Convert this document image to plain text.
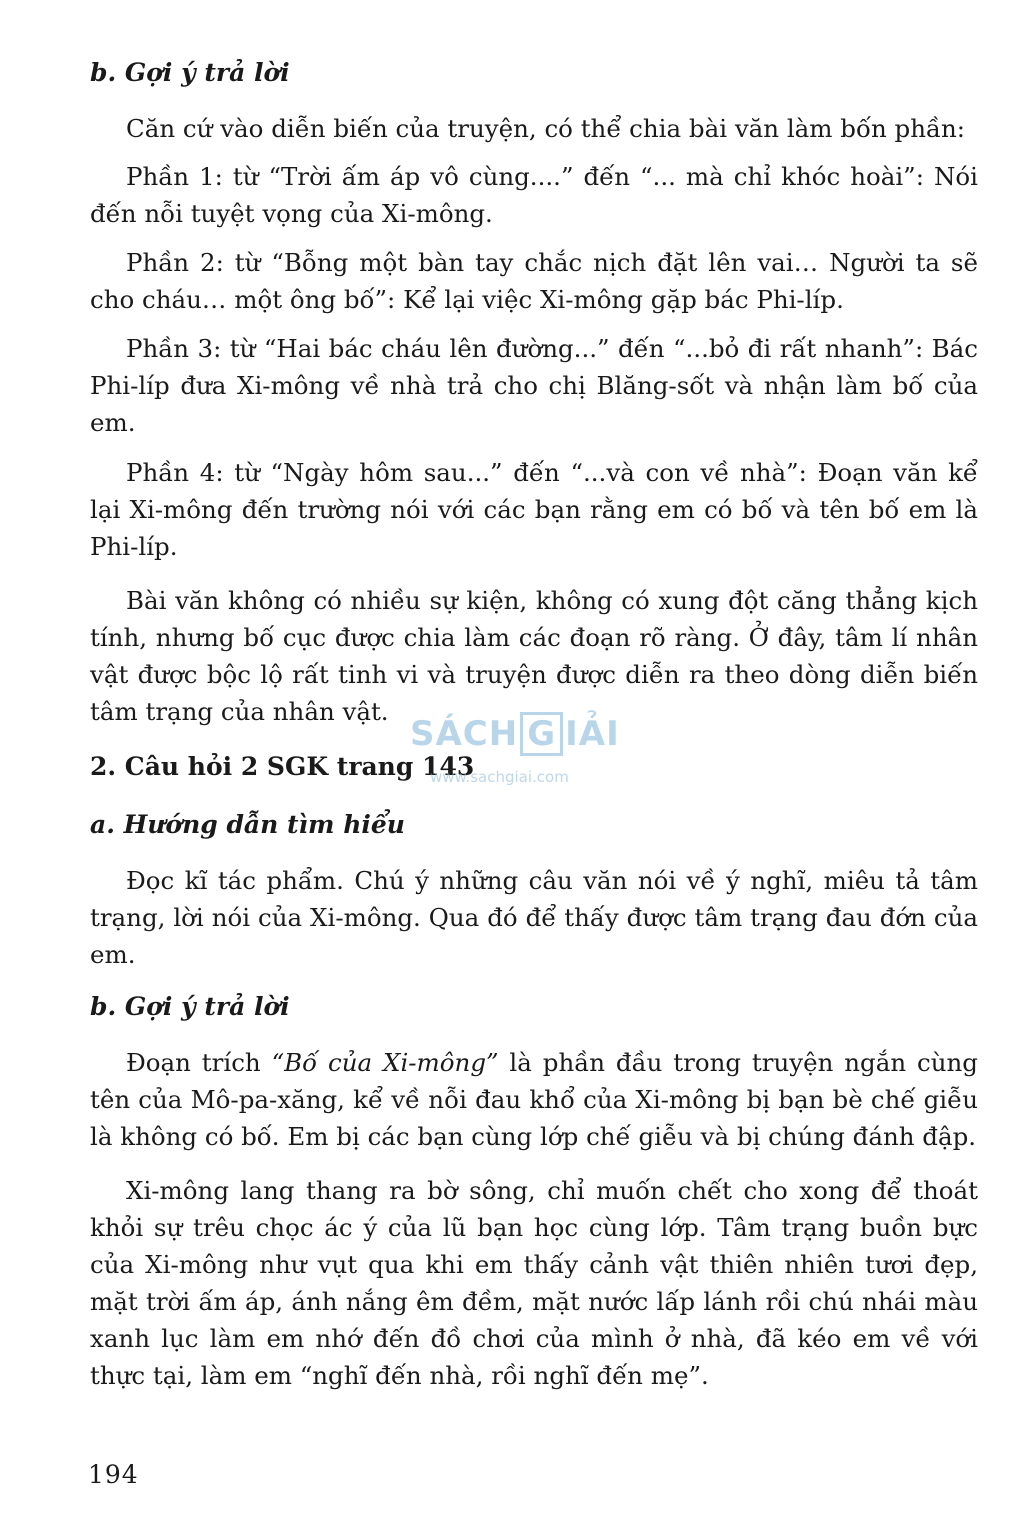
b. Gợi ý trả lời

Căn cứ vào diễn biến của truyện, có thể chia bài văn làm bốn phần:

Phần 1: từ “Trời ấm áp vô cùng....” đến “... mà chỉ khóc hoài”: Nói đến nỗi tuyệt vọng của Xi-mông.

Phần 2: từ “Bỗng một bàn tay chắc nịch đặt lên vai… Người ta sẽ cho cháu… một ông bố”: Kể lại việc Xi-mông gặp bác Phi-líp.

Phần 3: từ “Hai bác cháu lên đường...” đến “...bỏ đi rất nhanh”: Bác Phi-líp đưa Xi-mông về nhà trả cho chị Blăng-sốt và nhận làm bố của em.

Phần 4: từ “Ngày hôm sau...” đến “...và con về nhà”: Đoạn văn kể lại Xi-mông đến trường nói với các bạn rằng em có bố và tên bố em là Phi-líp.

Bài văn không có nhiều sự kiện, không có xung đột căng thẳng kịch tính, nhưng bố cục được chia làm các đoạn rõ ràng. Ở đây, tâm lí nhân vật được bộc lộ rất tinh vi và truyện được diễn ra theo dòng diễn biến tâm trạng của nhân vật.

2. Câu hỏi 2 SGK trang 143

a. Hướng dẫn tìm hiểu

Đọc kĩ tác phẩm. Chú ý những câu văn nói về ý nghĩ, miêu tả tâm trạng, lời nói của Xi-mông. Qua đó để thấy được tâm trạng đau đớn của em.

b. Gợi ý trả lời

Đoạn trích “Bố của Xi-mông” là phần đầu trong truyện ngắn cùng tên của Mô-pa-xăng, kể về nỗi đau khổ của Xi-mông bị bạn bè chế giễu là không có bố. Em bị các bạn cùng lớp chế giễu và bị chúng đánh đập.

Xi-mông lang thang ra bờ sông, chỉ muốn chết cho xong để thoát khỏi sự trêu chọc ác ý của lũ bạn học cùng lớp. Tâm trạng buồn bực của Xi-mông như vụt qua khi em thấy cảnh vật thiên nhiên tươi đẹp, mặt trời ấm áp, ánh nắng êm đềm, mặt nước lấp lánh rồi chú nhái màu xanh lục làm em nhớ đến đồ chơi của mình ở nhà, đã kéo em về với thực tại, làm em “nghĩ đến nhà, rồi nghĩ đến mẹ”.

SÁCH G IẢI
www.sachgiai.com

194
